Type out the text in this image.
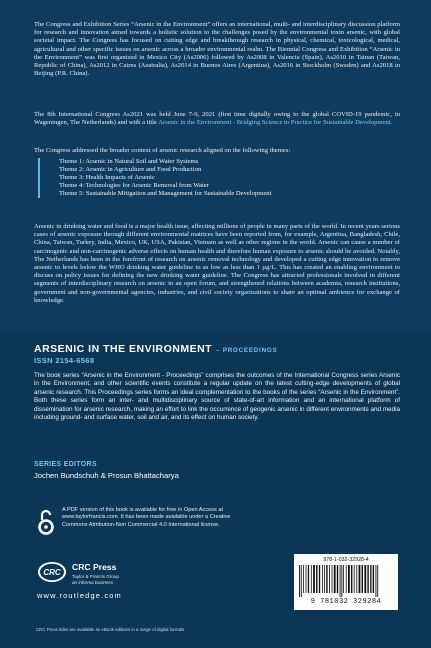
The Congress and Exhibition Series “Arsenic in the Environment” offers an international, multi- and interdisciplinary discussion platform for research and innovation aimed towards a holistic solution to the challenges posed by the environmental toxin arsenic, with global societal impact. The Congress has focused on cutting edge and breakthrough research in physical, chemical, toxicological, medical, agricultural and other specific issues on arsenic across a broader environmental realm. The Biennial Congress and Exhibition “Arsenic in the Environment” was first organized in Mexico City (As2006) followed by As2008 in Valencia (Spain), As2010 in Tainan (Taiwan, Republic of China), As2012 in Cairns (Australia), As2014 in Buenos Aires (Argentina), As2016 in Stockholm (Sweden) and As2018 in Beijing (P.R. China).

The 8th International Congress As2021 was held June 7-9, 2021 (first time digitally owing to the global COVID-19 pandemic, in Wageningen, The Netherlands) and with a title Arsenic in the Environment - Bridging Science to Practice for Sustainable Development.

The Congress addressed the broader context of arsenic research aligned on the following themes:

Theme 1: Arsenic in Natural Soil and Water Systems
Theme 2: Arsenic in Agriculture and Food Production
Theme 3: Health Impacts of Arsenic
Theme 4: Technologies for Arsenic Removal from Water
Theme 5: Sustainable Mitigation and Management for Sustainable Development

Arsenic in drinking water and food is a major health issue, affecting millions of people in many parts of the world. In recent years serious cases of arsenic exposure through different environmental matrices have been reported from, for example, Argentina, Bangladesh, Chile, China, Taiwan, Turkey, India, Mexico, UK, USA, Pakistan, Vietnam as well as other regions in the world. Arsenic can cause a number of carcinogenic and non-carcinogenic adverse effects on human health and therefore human exposure to arsenic should be avoided. Notably, The Netherlands has been in the forefront of research on arsenic removal technology and developed a cutting edge innovation to remove arsenic to levels below the WHO drinking water guideline to as low as less than 1 µg/L. This has created an enabling environment to discuss on policy issues for defining the new drinking water guideline. The Congress has attracted professionals involved in different segments of interdisciplinary research on arsenic in an open forum, and strengthened relations between academia, research institutions, government and non-governmental agencies, industries, and civil society organizations to share an optimal ambience for exchange of knowledge.

ARSENIC IN THE ENVIRONMENT – PROCEEDINGS
ISSN 2154-6568

The book series “Arsenic in the Environment - Proceedings” comprises the outcomes of the International Congress series Arsenic in the Environment, and other scientific events constitute a regular update on the latest cutting-edge developments of global arsenic research. This Proceedings series forms an ideal complementation to the books of the series “Arsenic in the Environment”. Both these series form an inter- and multidisciplinary source of state-of-art information and an international platform of dissemination for arsenic research, making an effort to link the occurrence of geogenic arsenic in different environments and media including ground- and surface water, soil and air, and its effect on human society.

SERIES EDITORS
Jochen Bundschuh & Prosun Bhattacharya
A PDF version of this book is available for free in Open Access at www.taylorfrancis.com. It has been made available under a Creative Commons Attribution-Non Commercial 4.0 International license.
CRC
CRC Press
Taylor & Francis Group
an informa business
www.routledge.com
CRC Press titles are available as eBook editions in a range of digital formats
978-1-032-32928-4
9 781032 329284
